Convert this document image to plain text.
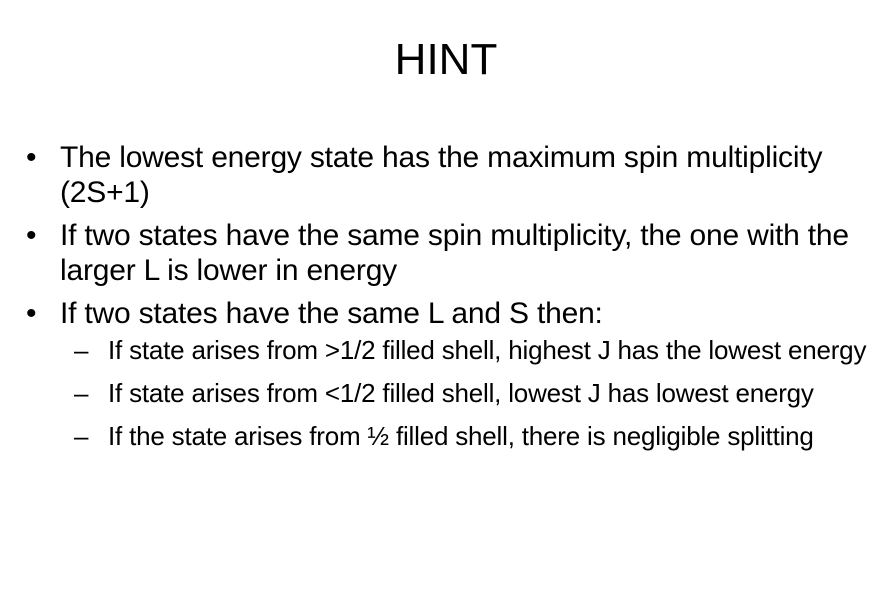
HINT
• The lowest energy state has the maximum spin multiplicity (2S+1)
• If two states have the same spin multiplicity, the one with the larger L is lower in energy
• If two states have the same L and S then:
– If state arises from >1/2 filled shell, highest J has the lowest energy
– If state arises from <1/2 filled shell, lowest J has lowest energy
– If the state arises from ½ filled shell, there is negligible splitting
